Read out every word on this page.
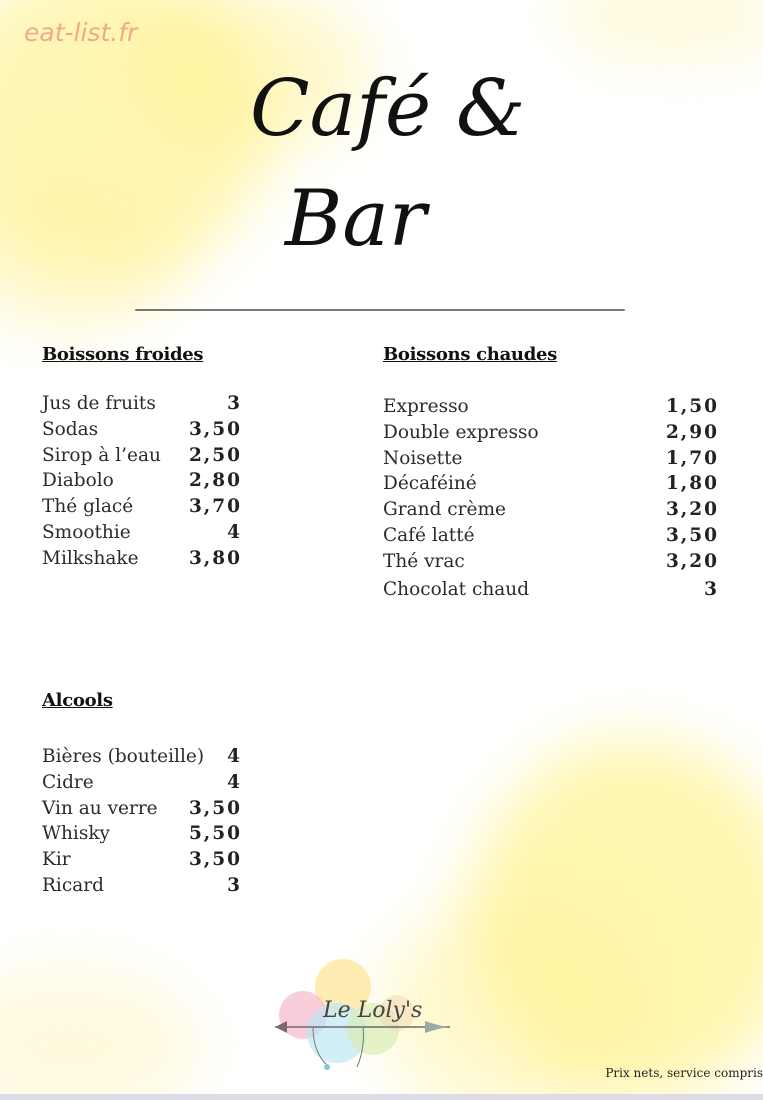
eat-list.fr
Café &
Bar
Boissons froides
Jus de fruits	3
Sodas	3,50
Sirop à l’eau 2,50
Diabolo	2,80
Thé glacé	3,70
Smoothie	4
Milkshake	3,80
Boissons chaudes
Expresso	1,50
Double expresso	2,90
Noisette	1,70
Décaféiné	1,80
Grand crème	3,20
Café latté	3,50
Thé vrac	3,20
Chocolat chaud	3
Alcools
Bières (bouteille) 4
Cidre	4
Vin au verre 3,50
Whisky	5,50
Kir	3,50
Ricard	3
Le Loly's
Prix nets, service compris
